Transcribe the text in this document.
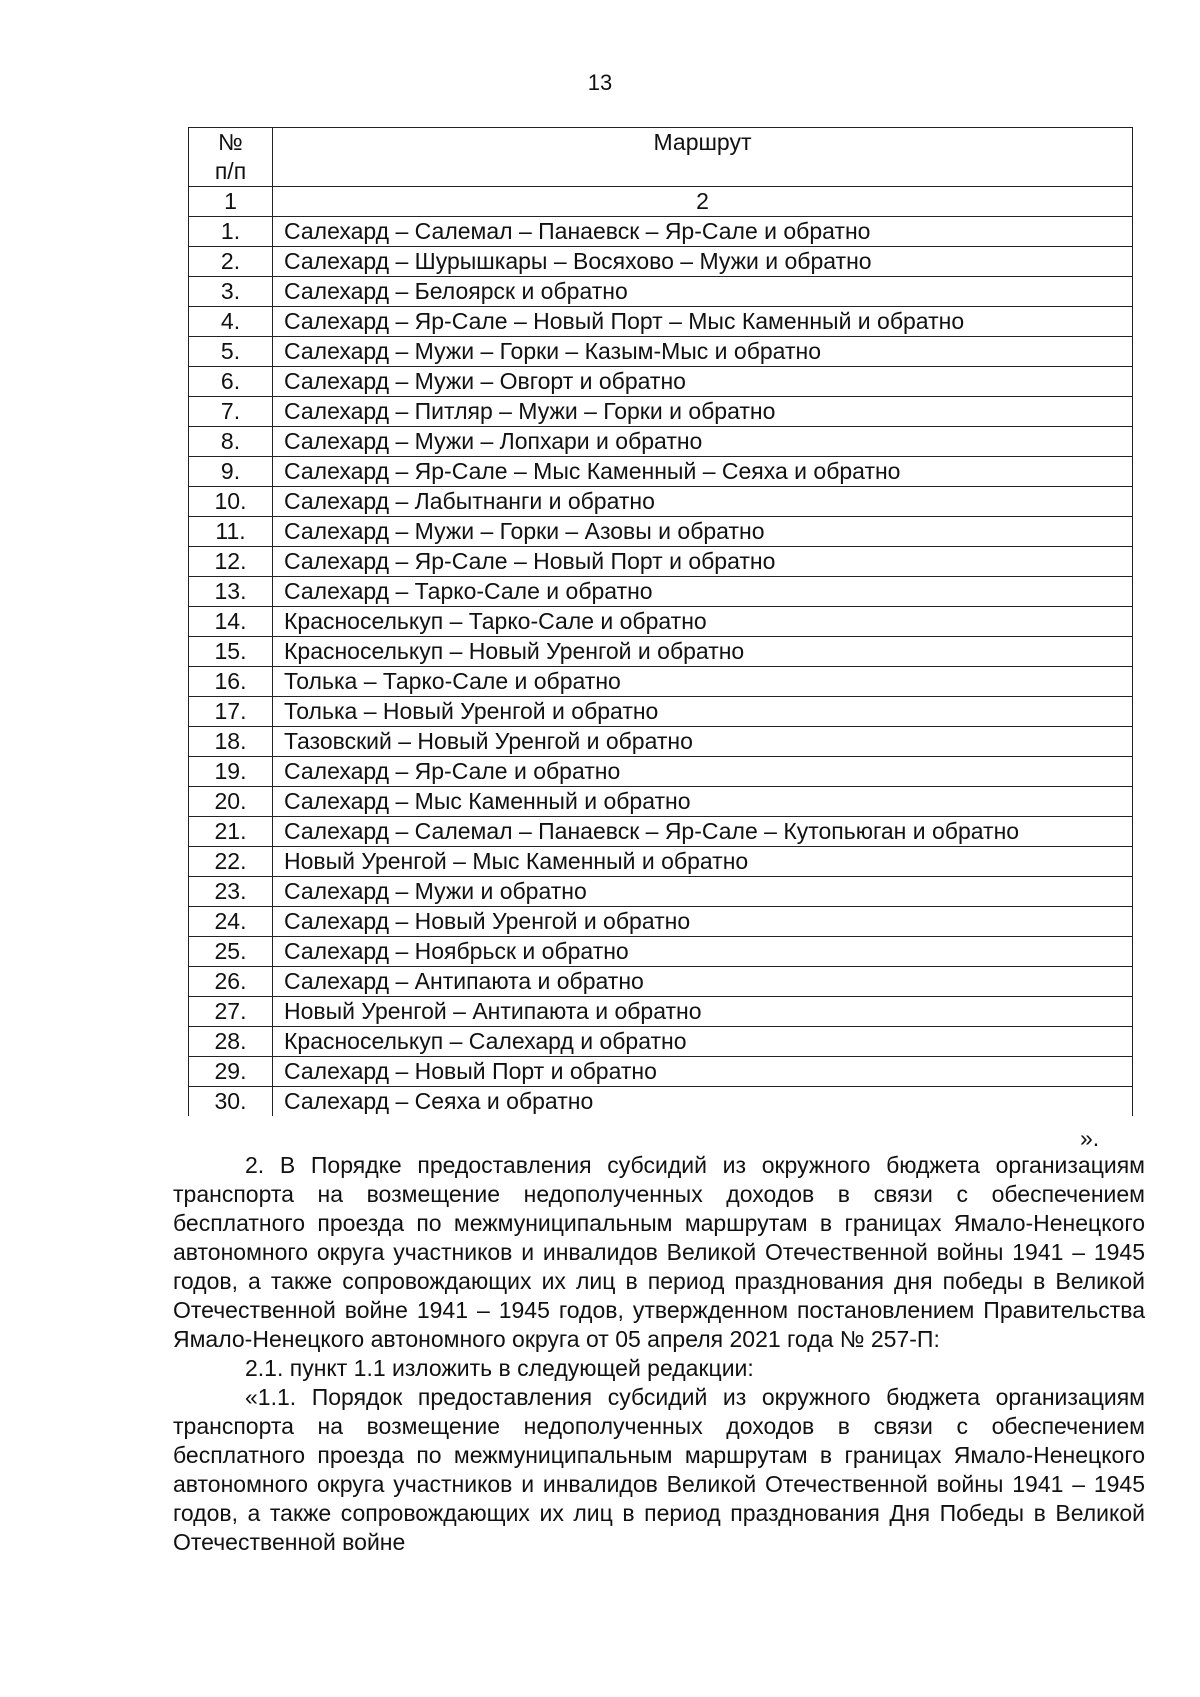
13
№
п/п	Маршрут
1	2
1.	Салехард – Салемал – Панаевск – Яр-Сале и обратно
2.	Салехард – Шурышкары – Восяхово – Мужи и обратно
3.	Салехард – Белоярск и обратно
4.	Салехард – Яр-Сале – Новый Порт – Мыс Каменный и обратно
5.	Салехард – Мужи – Горки – Казым-Мыс и обратно
6.	Салехард – Мужи – Овгорт и обратно
7.	Салехард – Питляр – Мужи – Горки и обратно
8.	Салехард – Мужи – Лопхари и обратно
9.	Салехард – Яр-Сале – Мыс Каменный – Сеяха и обратно
10.	Салехард – Лабытнанги и обратно
11.	Салехард – Мужи – Горки – Азовы и обратно
12.	Салехард – Яр-Сале – Новый Порт и обратно
13.	Салехард – Тарко-Сале и обратно
14.	Красноселькуп – Тарко-Сале и обратно
15.	Красноселькуп – Новый Уренгой и обратно
16.	Толька – Тарко-Сале и обратно
17.	Толька – Новый Уренгой и обратно
18.	Тазовский – Новый Уренгой и обратно
19.	Салехард – Яр-Сале и обратно
20.	Салехард – Мыс Каменный и обратно
21.	Салехард – Салемал – Панаевск – Яр-Сале – Кутопьюган и обратно
22.	Новый Уренгой – Мыс Каменный и обратно
23.	Салехард – Мужи и обратно
24.	Салехард – Новый Уренгой и обратно
25.	Салехард – Ноябрьск и обратно
26.	Салехард – Антипаюта и обратно
27.	Новый Уренгой – Антипаюта и обратно
28.	Красноселькуп – Салехард и обратно
29.	Салехард – Новый Порт и обратно
30.	Салехард – Сеяха и обратно
».

2. В Порядке предоставления субсидий из окружного бюджета организациям транспорта на возмещение недополученных доходов в связи с обеспечением бесплатного проезда по межмуниципальным маршрутам в границах Ямало-Ненецкого автономного округа участников и инвалидов Великой Отечественной войны 1941 – 1945 годов, а также сопровождающих их лиц в период празднования дня победы в Великой Отечественной войне 1941 – 1945 годов, утвержденном постановлением Правительства Ямало-Ненецкого автономного округа от 05 апреля 2021 года № 257-П:

2.1. пункт 1.1 изложить в следующей редакции:

«1.1. Порядок предоставления субсидий из окружного бюджета организациям транспорта на возмещение недополученных доходов в связи с обеспечением бесплатного проезда по межмуниципальным маршрутам в границах Ямало-Ненецкого автономного округа участников и инвалидов Великой Отечественной войны 1941 – 1945 годов, а также сопровождающих их лиц в период празднования Дня Победы в Великой Отечественной войне
